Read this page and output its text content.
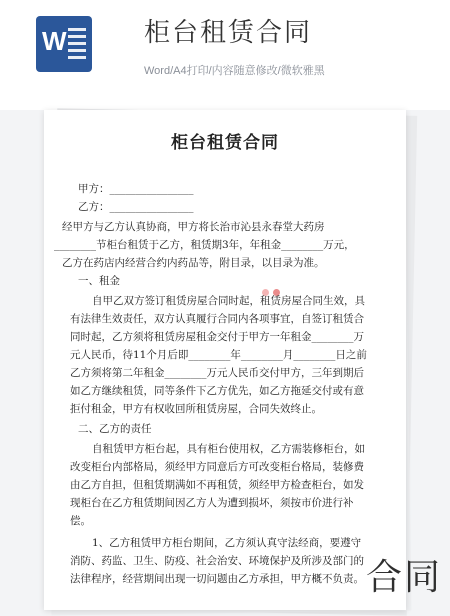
W	柜台租赁合同
Word/A4打印/内容随意修改/微软雅黑
柜台租赁合同
甲方：________________
乙方：________________
经甲方与乙方认真协商，甲方将长治市沁县永春堂大药房
________节柜台租赁于乙方，租赁期3年，年租金________万元，
乙方在药店内经营合约内药品等，附目录，以目录为准。
一、租金
自甲乙双方签订租赁房屋合同时起，租赁房屋合同生效，具
有法律生效责任，双方认真履行合同内各项事宜，自签订租赁合
同时起，乙方须将租赁房屋租金交付于甲方一年租金________万
元人民币，待11个月后即________年________月________日之前
乙方须将第二年租金________万元人民币交付甲方，三年到期后
如乙方继续租赁，同等条件下乙方优先，如乙方拖延交付或有意
拒付租金，甲方有权收回所租赁房屋，合同失效终止。
二、乙方的责任
自租赁甲方柜台起，具有柜台使用权，乙方需装修柜台，如
改变柜台内部格局，须经甲方同意后方可改变柜台格局，装修费
由乙方自担，但租赁期满如不再租赁，须经甲方检查柜台，如发
现柜台在乙方租赁期间因乙方人为遭到损坏，须按市价进行补
偿。
1、乙方租赁甲方柜台期间，乙方须认真守法经商，要遵守
消防、药监、卫生、防疫、社会治安、环境保护及所涉及部门的
法律程序，经营期间出现一切问题由乙方承担，甲方概不负责。 合同
